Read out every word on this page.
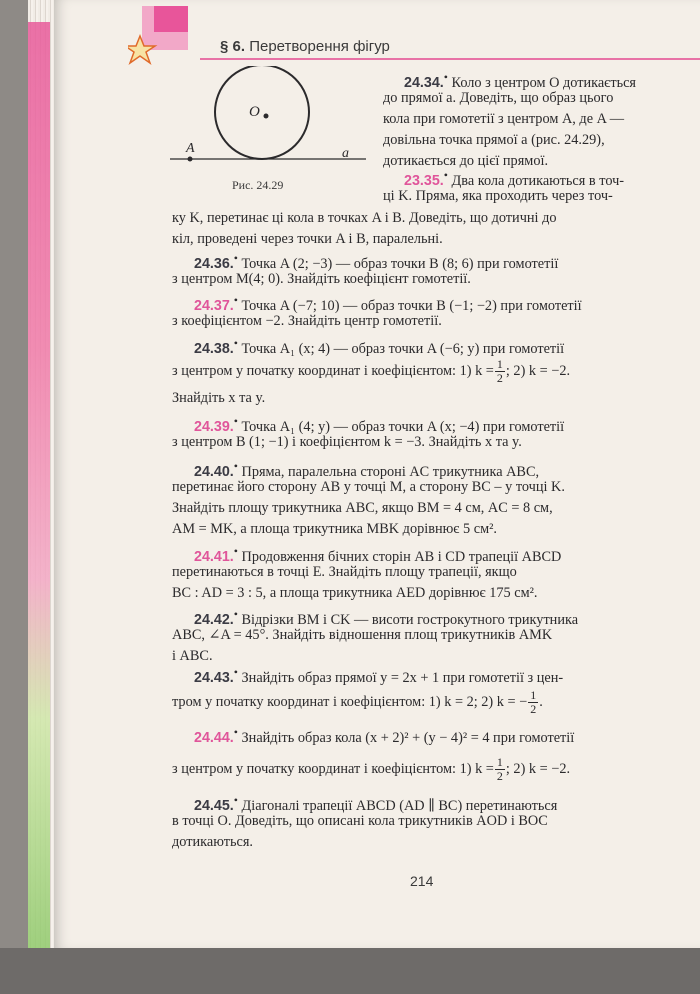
§ 6. Перетворення фігур
O
A	a
Рис. 24.29
24.34.• Коло з центром O дотикається
до прямої a. Доведіть, що образ цього
кола при гомотетії з центром A, де A —
довільна точка прямої a (рис. 24.29),
дотикається до цієї прямої.
23.35.• Два кола дотикаються в точ-
ці K. Пряма, яка проходить через точ-
ку K, перетинає ці кола в точках A і B. Доведіть, що дотичні до
кіл, проведені через точки A і B, паралельні.
24.36.• Точка A (2; −3) — образ точки B (8; 6) при гомотетії
з центром M(4; 0). Знайдіть коефіцієнт гомотетії.
24.37.• Точка A (−7; 10) — образ точки B (−1; −2) при гомотетії
з коефіцієнтом −2. Знайдіть центр гомотетії.
24.38.• Точка A₁ (x; 4) — образ точки A (−6; y) при гомотетії
з центром у початку координат і коефіцієнтом: 1) $k = \frac{1}{2}$ ; 2) k = −2.
Знайдіть x та y.
24.39.• Точка A₁ (4; y) — образ точки A (x; −4) при гомотетії
з центром B (1; −1) і коефіцієнтом k = −3. Знайдіть x та y.
24.40.• Пряма, паралельна стороні AC трикутника ABC,
перетинає його сторону AB у точці M, а сторону BC – у точці K.
Знайдіть площу трикутника ABC, якщо BM = 4 см, AC = 8 см,
AM = MK, а площа трикутника MBK дорівнює 5 см².
24.41.• Продовження бічних сторін AB і CD трапеції ABCD
перетинаються в точці E. Знайдіть площу трапеції, якщо
BC : AD = 3 : 5, а площа трикутника AED дорівнює 175 см².
24.42.• Відрізки BM і CK — висоти гострокутного трикутника
ABC, ∠A = 45°. Знайдіть відношення площ трикутників AMK
і ABC.
24.43.• Знайдіть образ прямої y = 2x + 1 при гомотетії з цен-
тром у початку координат і коефіцієнтом: 1) k = 2; 2) k = − $\frac{1}{2}$ .
24.44.• Знайдіть образ кола (x + 2)² + (y − 4)² = 4 при гомотетії
з центром у початку координат і коефіцієнтом: 1) $k = \frac{1}{2}$ ; 2) k = −2.
24.45.• Діагоналі трапеції ABCD (AD ∥ BC) перетинаються
в точці O. Доведіть, що описані кола трикутників AOD і BOC
дотикаються.
214
